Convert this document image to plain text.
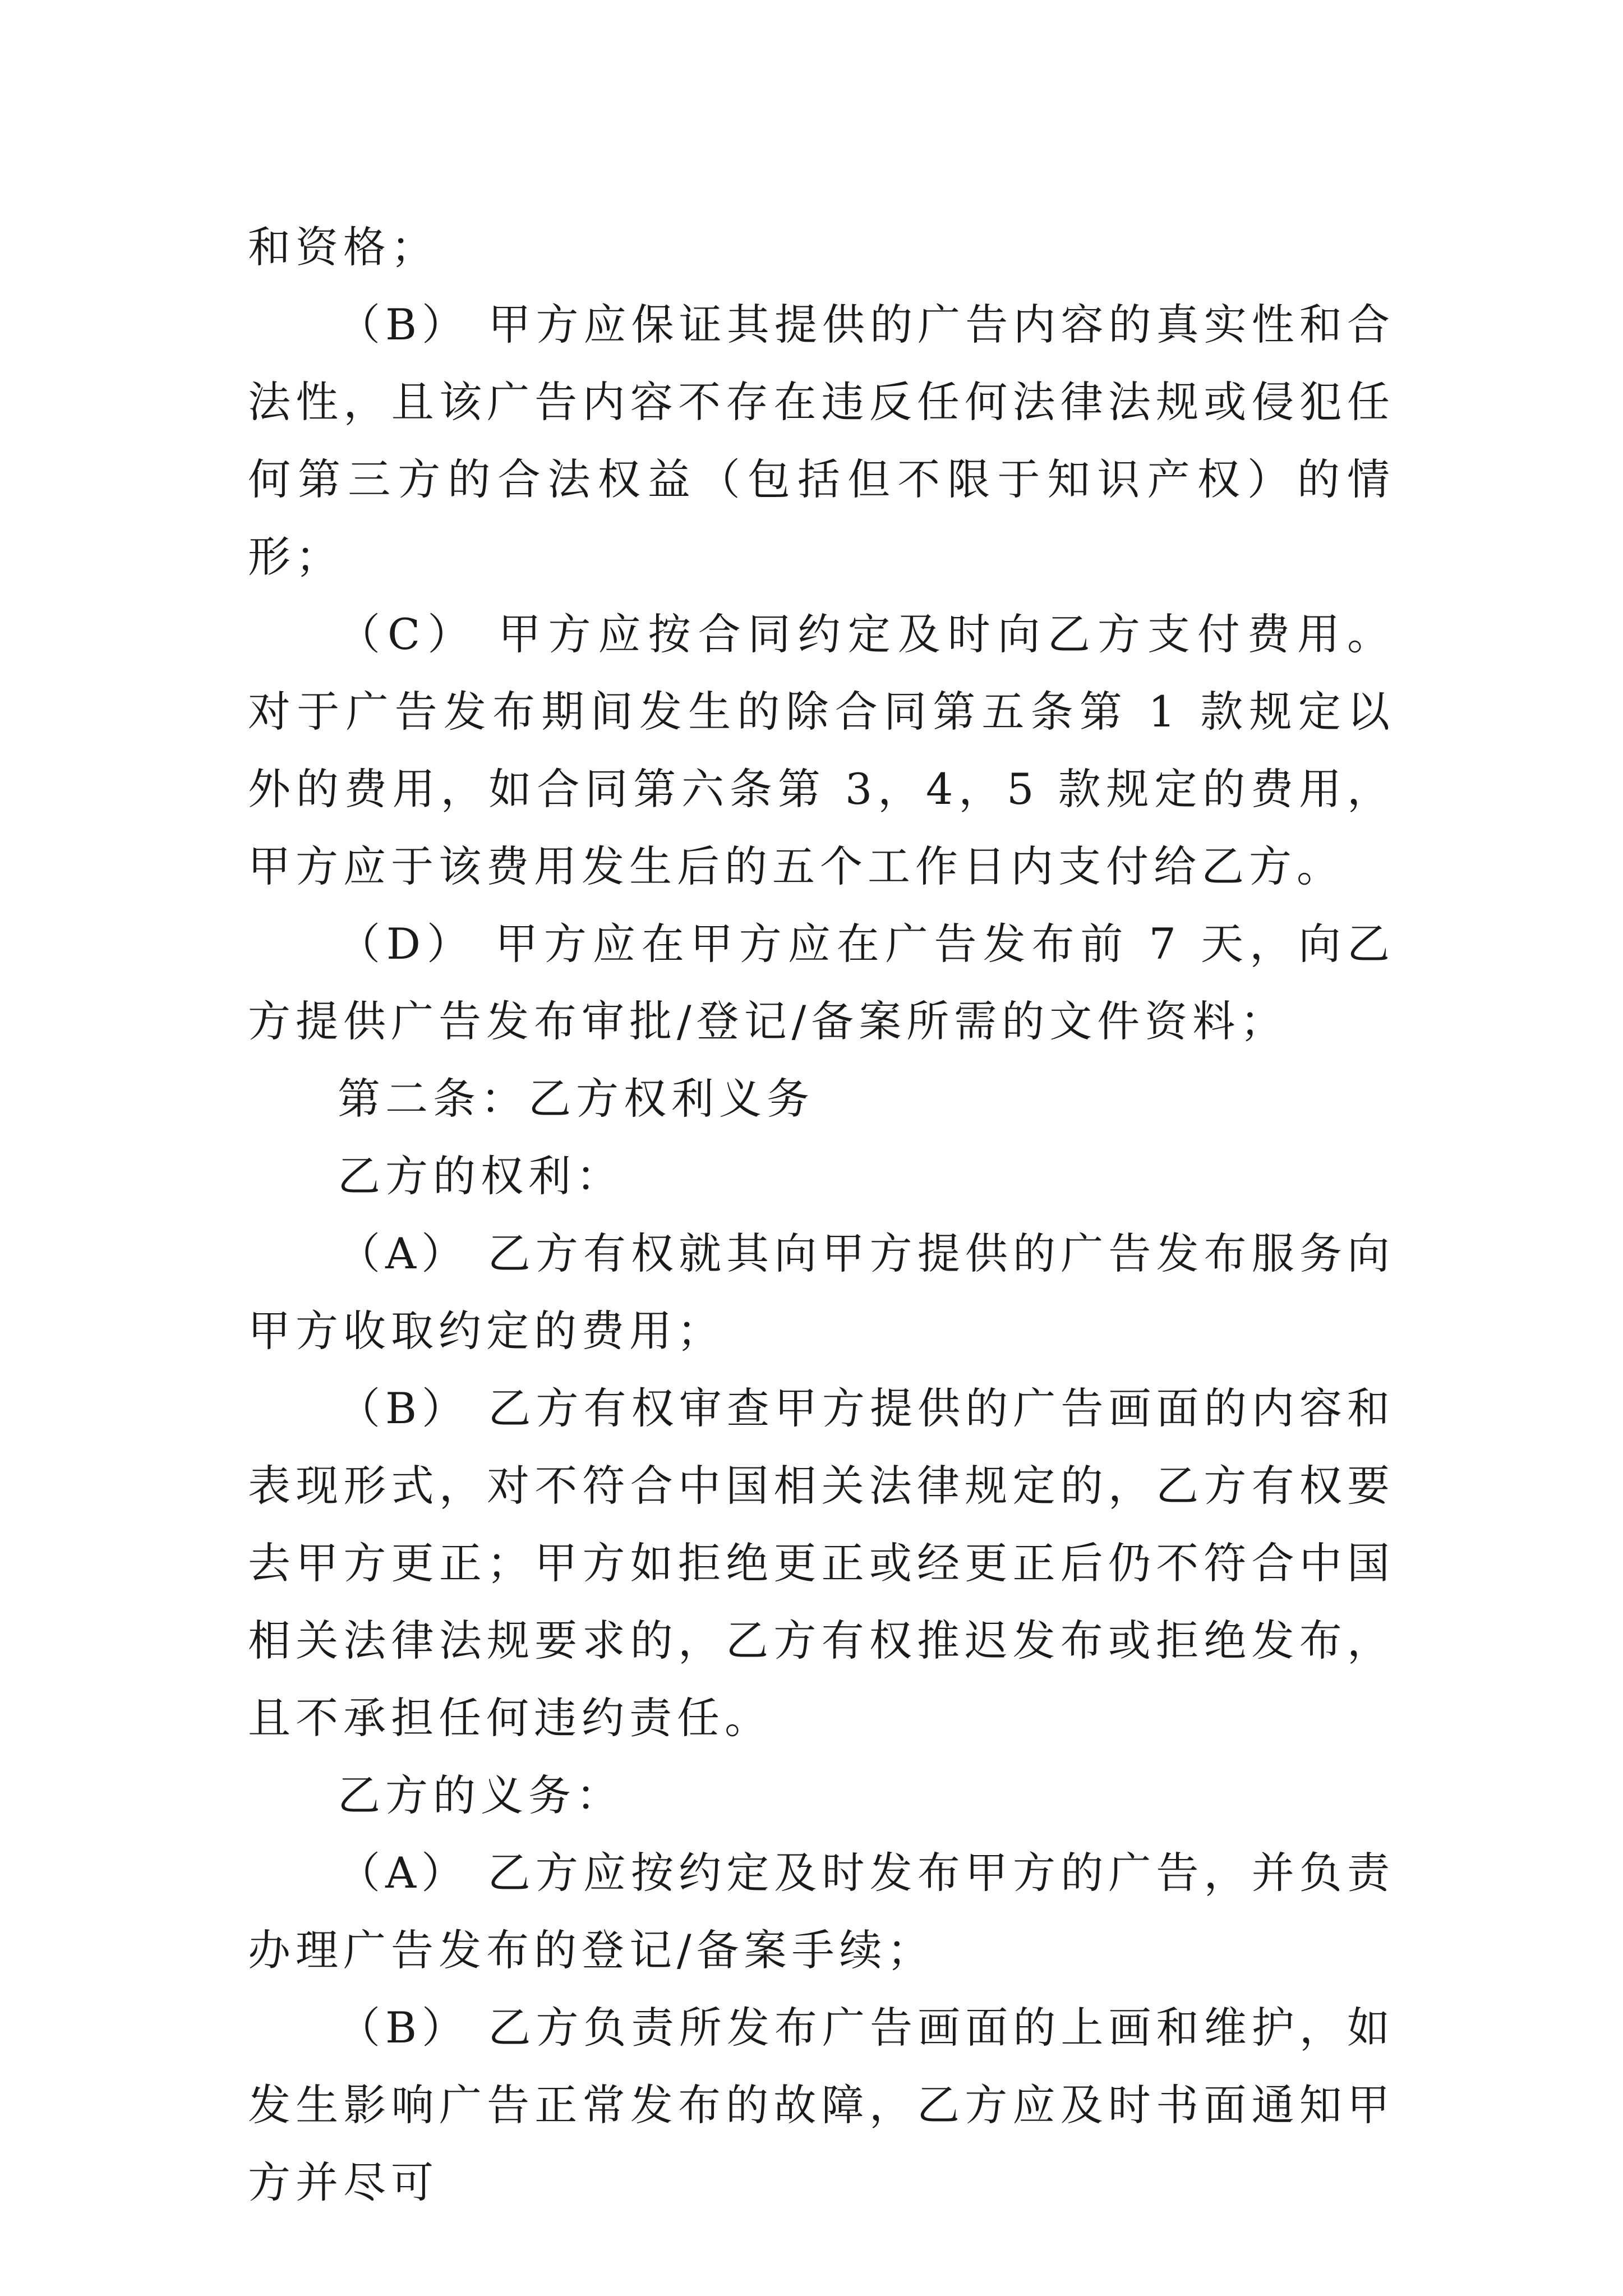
和资格；

（B） 甲方应保证其提供的广告内容的真实性和合法性，且该广告内容不存在违反任何法律法规或侵犯任何第三方的合法权益（包括但不限于知识产权）的情形；

（C） 甲方应按合同约定及时向乙方支付费用。对于广告发布期间发生的除合同第五条第 1 款规定以外的费用，如合同第六条第 3，4，5 款规定的费用，甲方应于该费用发生后的五个工作日内支付给乙方。

（D） 甲方应在甲方应在广告发布前 7 天，向乙方提供广告发布审批/登记/备案所需的文件资料；

第二条：乙方权利义务

乙方的权利：

（A） 乙方有权就其向甲方提供的广告发布服务向甲方收取约定的费用；

（B） 乙方有权审查甲方提供的广告画面的内容和表现形式，对不符合中国相关法律规定的，乙方有权要去甲方更正；甲方如拒绝更正或经更正后仍不符合中国相关法律法规要求的，乙方有权推迟发布或拒绝发布，且不承担任何违约责任。

乙方的义务：

（A） 乙方应按约定及时发布甲方的广告，并负责办理广告发布的登记/备案手续；

（B） 乙方负责所发布广告画面的上画和维护，如发生影响广告正常发布的故障，乙方应及时书面通知甲方并尽可
